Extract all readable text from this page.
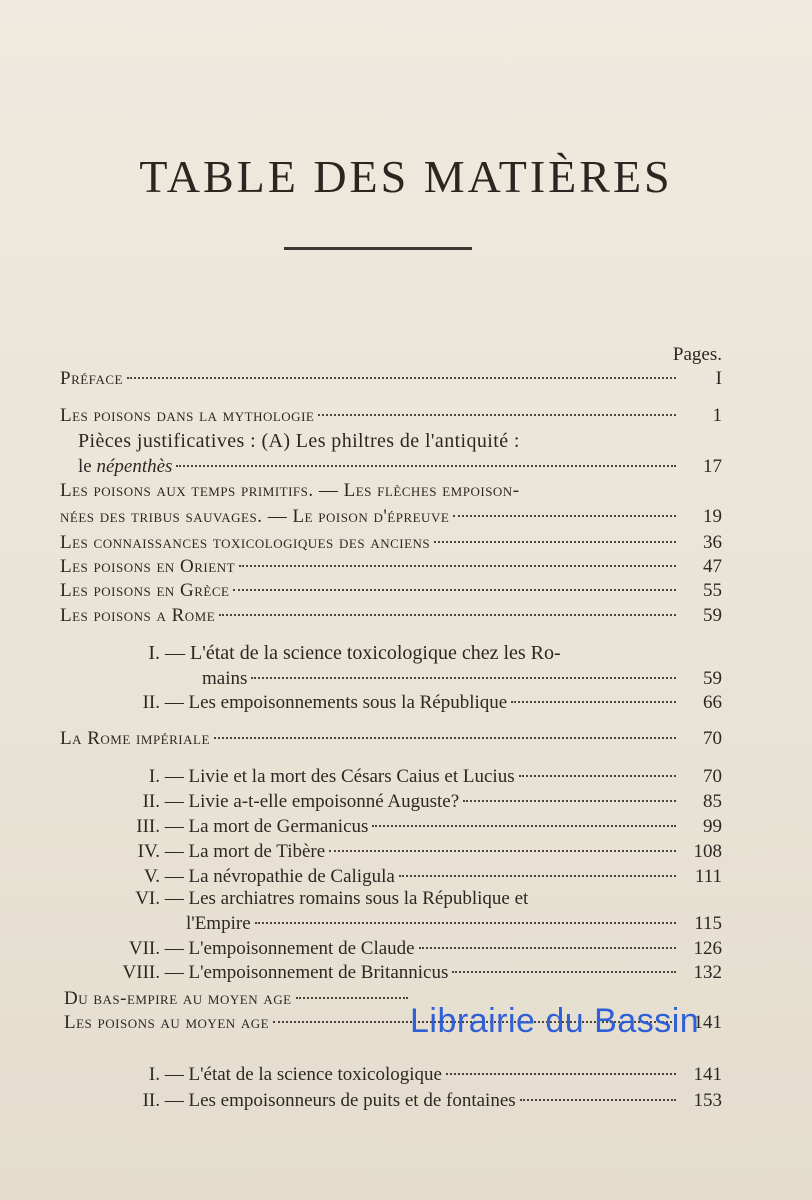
TABLE DES MATIÈRES
Pages.
Préface	I
Les poisons dans la mythologie	1
Pièces justificatives : (A) Les philtres de l'antiquité :
le népenthès	17
Les poisons aux temps primitifs. — Les flèches empoison-
nées des tribus sauvages. — Le poison d'épreuve	19
Les connaissances toxicologiques des anciens	36
Les poisons en Orient	47
Les poisons en Grèce	55
Les poisons a Rome	59
I. — L'état de la science toxicologique chez les Ro-
mains	59
II. — Les empoisonnements sous la République	66
La Rome impériale	70
I. — Livie et la mort des Césars Caius et Lucius	70
II. — Livie a-t-elle empoisonné Auguste?	85
III. — La mort de Germanicus	99
IV. — La mort de Tibère	108
V. — La névropathie de Caligula	111
VI. — Les archiatres romains sous la République et
l'Empire	115
VII. — L'empoisonnement de Claude	126
VIII. — L'empoisonnement de Britannicus	132
Du bas-empire au moyen age
Les poisons au moyen age	141
I. — L'état de la science toxicologique	141
II. — Les empoisonneurs de puits et de fontaines	153
Librairie du Bassin
